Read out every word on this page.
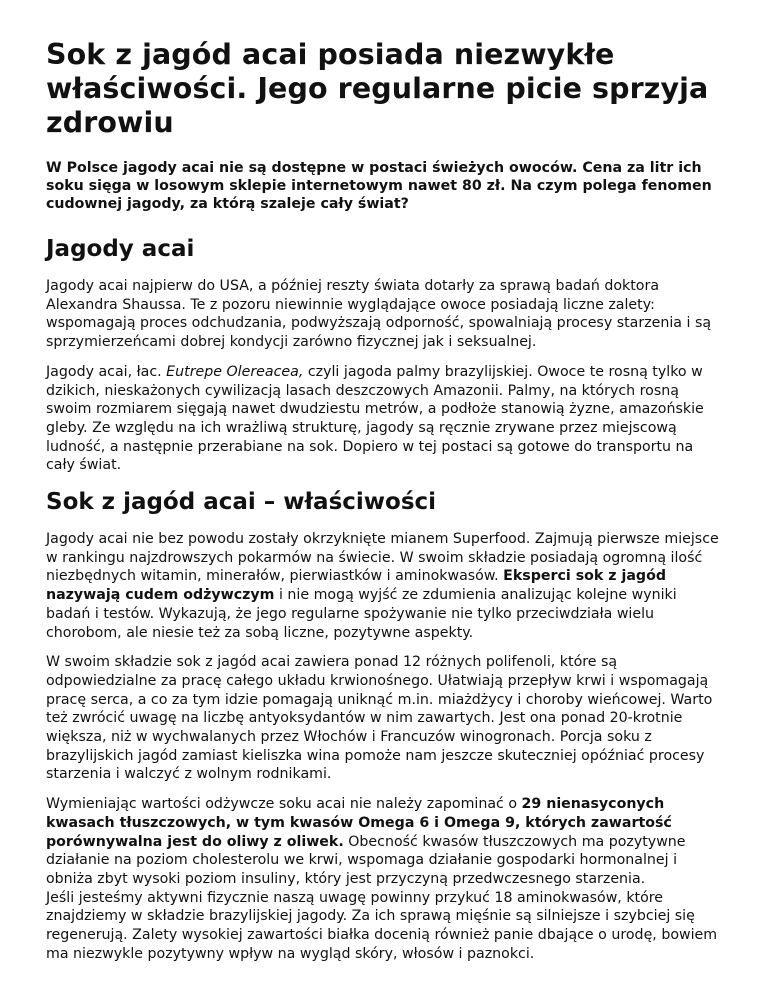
Sok z jagód acai posiada niezwykłe właściwości. Jego regularne picie sprzyja zdrowiu

W Polsce jagody acai nie są dostępne w postaci świeżych owoców. Cena za litr ich soku sięga w losowym sklepie internetowym nawet 80 zł. Na czym polega fenomen cudownej jagody, za którą szaleje cały świat?

Jagody acai

Jagody acai najpierw do USA, a później reszty świata dotarły za sprawą badań doktora Alexandra Shaussa. Te z pozoru niewinnie wyglądające owoce posiadają liczne zalety: wspomagają proces odchudzania, podwyższają odporność, spowalniają procesy starzenia i są sprzymierzeńcami dobrej kondycji zarówno fizycznej jak i seksualnej.

Jagody acai, łac. Eutrepe Olereacea, czyli jagoda palmy brazylijskiej. Owoce te rosną tylko w dzikich, nieskażonych cywilizacją lasach deszczowych Amazonii. Palmy, na których rosną swoim rozmiarem sięgają nawet dwudziestu metrów, a podłoże stanowią żyzne, amazońskie gleby. Ze względu na ich wrażliwą strukturę, jagody są ręcznie zrywane przez miejscową ludność, a następnie przerabiane na sok. Dopiero w tej postaci są gotowe do transportu na cały świat.

Sok z jagód acai – właściwości

Jagody acai nie bez powodu zostały okrzyknięte mianem Superfood. Zajmują pierwsze miejsce w rankingu najzdrowszych pokarmów na świecie. W swoim składzie posiadają ogromną ilość niezbędnych witamin, minerałów, pierwiastków i aminokwasów. Eksperci sok z jagód nazywają cudem odżywczym i nie mogą wyjść ze zdumienia analizując kolejne wyniki badań i testów. Wykazują, że jego regularne spożywanie nie tylko przeciwdziała wielu chorobom, ale niesie też za sobą liczne, pozytywne aspekty.

W swoim składzie sok z jagód acai zawiera ponad 12 różnych polifenoli, które są odpowiedzialne za pracę całego układu krwionośnego. Ułatwiają przepływ krwi i wspomagają pracę serca, a co za tym idzie pomagają uniknąć m.in. miażdżycy i choroby wieńcowej. Warto też zwrócić uwagę na liczbę antyoksydantów w nim zawartych. Jest ona ponad 20-krotnie większa, niż w wychwalanych przez Włochów i Francuzów winogronach. Porcja soku z brazylijskich jagód zamiast kieliszka wina pomoże nam jeszcze skuteczniej opóźniać procesy starzenia i walczyć z wolnym rodnikami.

Wymieniając wartości odżywcze soku acai nie należy zapominać o 29 nienasyconych kwasach tłuszczowych, w tym kwasów Omega 6 i Omega 9, których zawartość porównywalna jest do oliwy z oliwek. Obecność kwasów tłuszczowych ma pozytywne działanie na poziom cholesterolu we krwi, wspomaga działanie gospodarki hormonalnej i obniża zbyt wysoki poziom insuliny, który jest przyczyną przedwczesnego starzenia.

Jeśli jesteśmy aktywni fizycznie naszą uwagę powinny przykuć 18 aminokwasów, które znajdziemy w składzie brazylijskiej jagody. Za ich sprawą mięśnie są silniejsze i szybciej się regenerują. Zalety wysokiej zawartości białka docenią również panie dbające o urodę, bowiem ma niezwykle pozytywny wpływ na wygląd skóry, włosów i paznokci.
